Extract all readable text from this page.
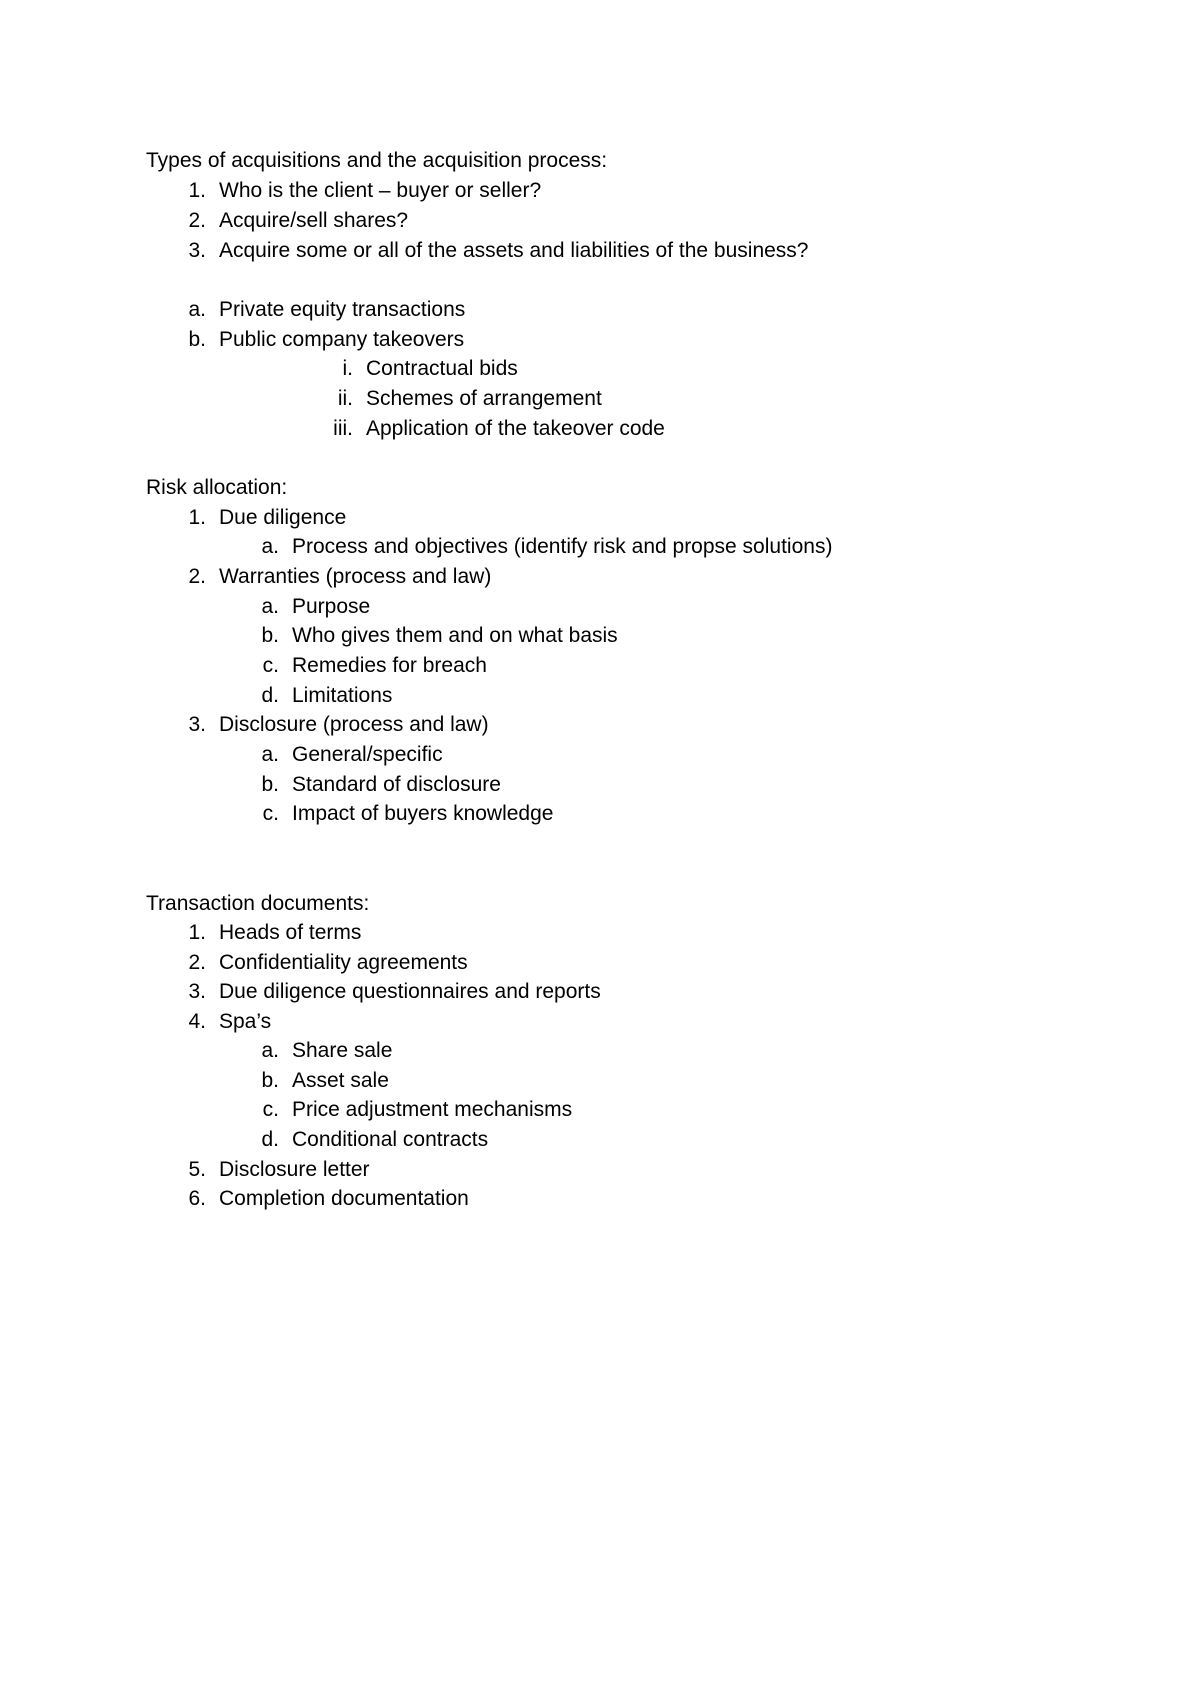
Types of acquisitions and the acquisition process:
1. Who is the client – buyer or seller?
2. Acquire/sell shares?
3. Acquire some or all of the assets and liabilities of the business?
a. Private equity transactions
b. Public company takeovers
i. Contractual bids
ii. Schemes of arrangement
iii. Application of the takeover code
Risk allocation:
1. Due diligence
a. Process and objectives (identify risk and propse solutions)
2. Warranties (process and law)
a. Purpose
b. Who gives them and on what basis
c. Remedies for breach
d. Limitations
3. Disclosure (process and law)
a. General/specific
b. Standard of disclosure
c. Impact of buyers knowledge
Transaction documents:
1. Heads of terms
2. Confidentiality agreements
3. Due diligence questionnaires and reports
4. Spa’s
a. Share sale
b. Asset sale
c. Price adjustment mechanisms
d. Conditional contracts
5. Disclosure letter
6. Completion documentation
